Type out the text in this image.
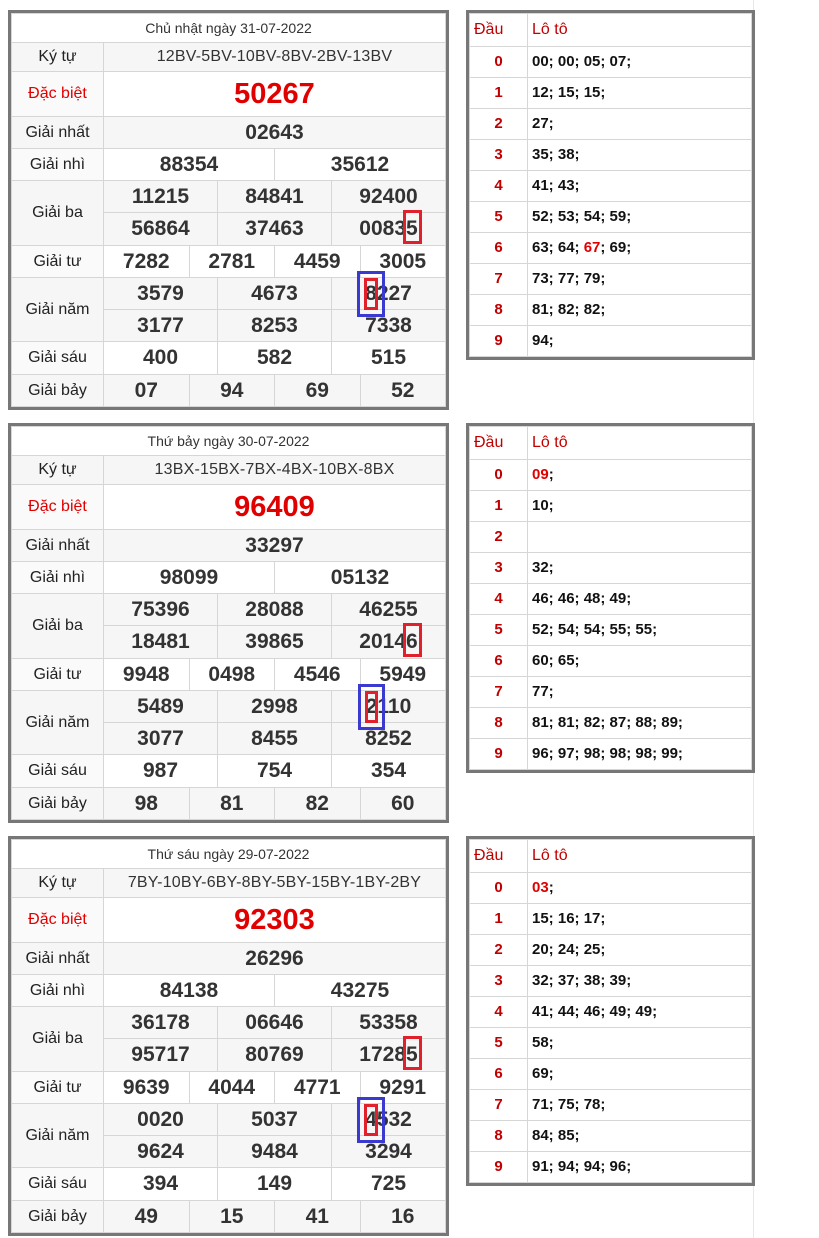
Chủ nhật ngày 31-07-2022						
Ký tự	12BV-5BV-10BV-8BV-2BV-13BV					
Đặc biệt	50267					
Giải nhất	02643					
Giải nhì	88354			35612		
Giải ba	11215		84841		92400	
	56864		37463		00835	

Giải tư	7282	2781		4459		3005
Giải năm	3579		4673		8227	

	3177		8253		7338	
Giải sáu	400		582		515	
Giải bảy	07	94		69		52
Đầu	Lô tô
0	00; 00; 05; 07;
1	12; 15; 15;
2	27;
3	35; 38;
4	41; 43;
5	52; 53; 54; 59;
6	63; 64; 67; 69;
7	73; 77; 79;
8	81; 82; 82;
9	94;
Thứ bảy ngày 30-07-2022						
Ký tự	13BX-15BX-7BX-4BX-10BX-8BX					
Đặc biệt	96409					
Giải nhất	33297					
Giải nhì	98099			05132		
Giải ba	75396		28088		46255	
	18481		39865		20146	

Giải tư	9948	0498		4546		5949
Giải năm	5489		2998		2110	

	3077		8455		8252	
Giải sáu	987		754		354	
Giải bảy	98	81		82		60
Đầu	Lô tô
0	09;
1	10;
2	
3	32;
4	46; 46; 48; 49;
5	52; 54; 54; 55; 55;
6	60; 65;
7	77;
8	81; 81; 82; 87; 88; 89;
9	96; 97; 98; 98; 98; 99;
Thứ sáu ngày 29-07-2022						
Ký tự	7BY-10BY-6BY-8BY-5BY-15BY-1BY-2BY					
Đặc biệt	92303					
Giải nhất	26296					
Giải nhì	84138			43275		
Giải ba	36178		06646		53358	
	95717		80769		17285	

Giải tư	9639	4044		4771		9291
Giải năm	0020		5037		4532	

	9624		9484		3294	
Giải sáu	394		149		725	
Giải bảy	49	15		41		16
Đầu	Lô tô
0	03;
1	15; 16; 17;
2	20; 24; 25;
3	32; 37; 38; 39;
4	41; 44; 46; 49; 49;
5	58;
6	69;
7	71; 75; 78;
8	84; 85;
9	91; 94; 94; 96;
